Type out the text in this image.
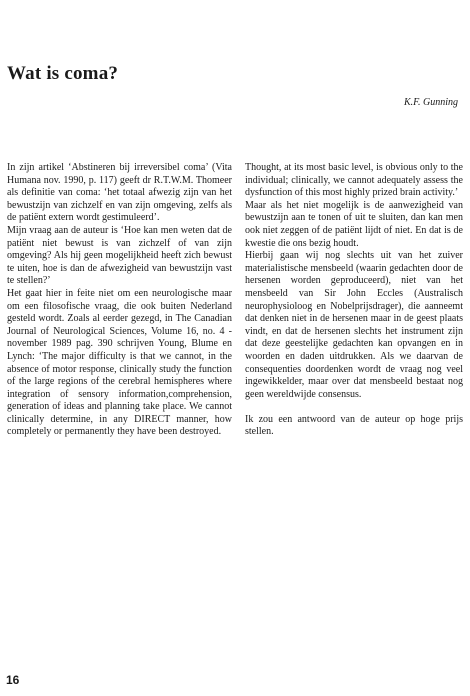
Wat is coma?
K.F. Gunning

In zijn artikel ‘Abstineren bij irreversibel coma’ (Vita Humana nov. 1990, p. 117) geeft dr R.T.W.M. Thomeer als definitie van coma: ‘het totaal afwezig zijn van het bewustzijn van zichzelf en van zijn omgeving, zelfs als de patiënt extern wordt gestimuleerd’.

Mijn vraag aan de auteur is ‘Hoe kan men weten dat de patiënt niet bewust is van zichzelf of van zijn omgeving? Als hij geen mogelijkheid heeft zich bewust te uiten, hoe is dan de afwezigheid van bewustzijn vast te stellen?’

Het gaat hier in feite niet om een neurologische maar om een filosofische vraag, die ook buiten Nederland gesteld wordt. Zoals al eerder gezegd, in The Canadian Journal of Neurological Sciences, Volume 16, no. 4 - november 1989 pag. 390 schrijven Young, Blume en Lynch: ‘The major difficulty is that we cannot, in the absence of motor response, clinically study the function of the large regions of the cerebral hemispheres where integration of sensory information,comprehension, generation of ideas and planning take place. We cannot clinically determine, in any DIRECT manner, how completely or permanently they have been destroyed.

Thought, at its most basic level, is obvious only to the individual; clinically, we cannot adequately assess the dysfunction of this most highly prized brain activity.’

Maar als het niet mogelijk is de aanwezigheid van bewustzijn aan te tonen of uit te sluiten, dan kan men ook niet zeggen of de patiënt lijdt of niet. En dat is de kwestie die ons bezig houdt.

Hierbij gaan wij nog slechts uit van het zuiver materialistische mensbeeld (waarin gedachten door de hersenen worden geproduceerd), niet van het mensbeeld van Sir John Eccles (Australisch neurophysioloog en Nobelprijsdrager), die aanneemt dat denken niet in de hersenen maar in de geest plaats vindt, en dat de hersenen slechts het instrument zijn dat deze geestelijke gedachten kan opvangen en in woorden en daden uitdrukken. Als we daarvan de consequenties doordenken wordt de vraag nog veel ingewikkelder, maar over dat mensbeeld bestaat nog geen wereldwijde consensus.

Ik zou een antwoord van de auteur op hoge prijs stellen.

16
